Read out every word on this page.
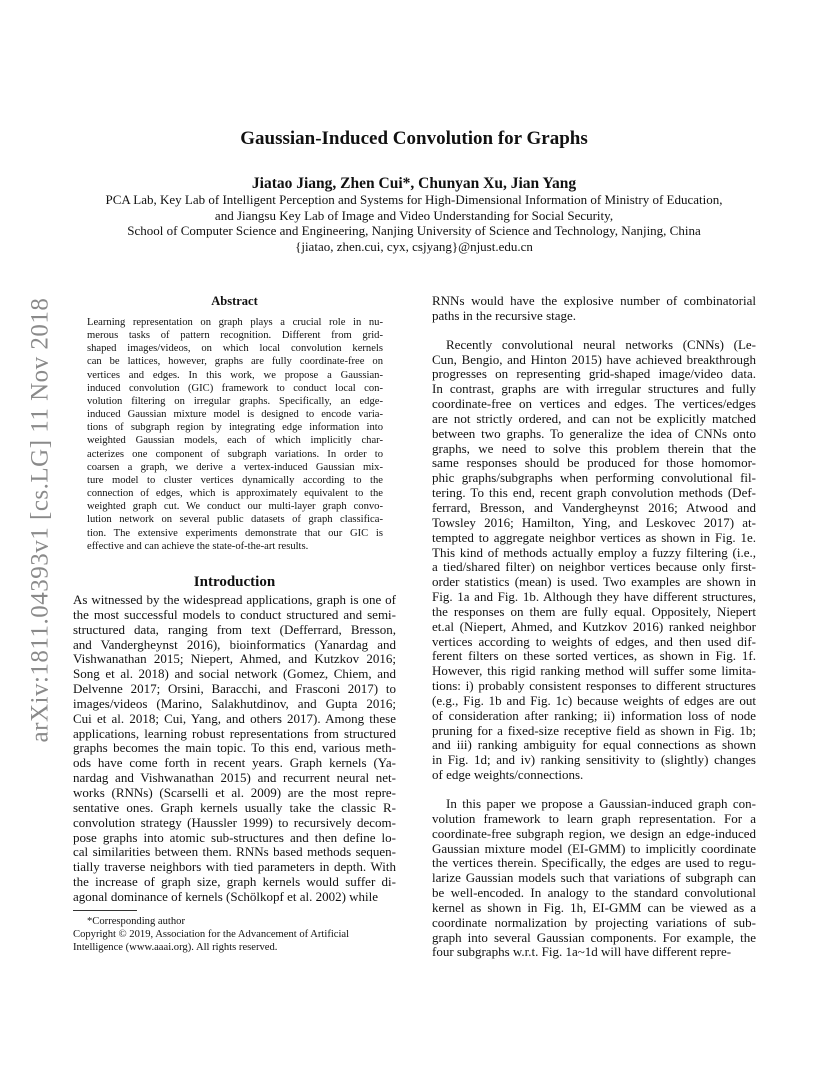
arXiv:1811.04393v1 [cs.LG] 11 Nov 2018
Gaussian-Induced Convolution for Graphs
Jiatao Jiang, Zhen Cui*, Chunyan Xu, Jian Yang
PCA Lab, Key Lab of Intelligent Perception and Systems for High-Dimensional Information of Ministry of Education,
and Jiangsu Key Lab of Image and Video Understanding for Social Security,
School of Computer Science and Engineering, Nanjing University of Science and Technology, Nanjing, China
{jiatao, zhen.cui, cyx, csjyang}@njust.edu.cn
Abstract
Learning representation on graph plays a crucial role in nu-
merous tasks of pattern recognition. Different from grid-
shaped images/videos, on which local convolution kernels
can be lattices, however, graphs are fully coordinate-free on
vertices and edges. In this work, we propose a Gaussian-
induced convolution (GIC) framework to conduct local con-
volution filtering on irregular graphs. Specifically, an edge-
induced Gaussian mixture model is designed to encode varia-
tions of subgraph region by integrating edge information into
weighted Gaussian models, each of which implicitly char-
acterizes one component of subgraph variations. In order to
coarsen a graph, we derive a vertex-induced Gaussian mix-
ture model to cluster vertices dynamically according to the
connection of edges, which is approximately equivalent to the
weighted graph cut. We conduct our multi-layer graph convo-
lution network on several public datasets of graph classifica-
tion. The extensive experiments demonstrate that our GIC is
effective and can achieve the state-of-the-art results.
Introduction
As witnessed by the widespread applications, graph is one of
the most successful models to conduct structured and semi-
structured data, ranging from text (Defferrard, Bresson,
and Vandergheynst 2016), bioinformatics (Yanardag and
Vishwanathan 2015; Niepert, Ahmed, and Kutzkov 2016;
Song et al. 2018) and social network (Gomez, Chiem, and
Delvenne 2017; Orsini, Baracchi, and Frasconi 2017) to
images/videos (Marino, Salakhutdinov, and Gupta 2016;
Cui et al. 2018; Cui, Yang, and others 2017). Among these
applications, learning robust representations from structured
graphs becomes the main topic. To this end, various meth-
ods have come forth in recent years. Graph kernels (Ya-
nardag and Vishwanathan 2015) and recurrent neural net-
works (RNNs) (Scarselli et al. 2009) are the most repre-
sentative ones. Graph kernels usually take the classic R-
convolution strategy (Haussler 1999) to recursively decom-
pose graphs into atomic sub-structures and then define lo-
cal similarities between them. RNNs based methods sequen-
tially traverse neighbors with tied parameters in depth. With
the increase of graph size, graph kernels would suffer di-
agonal dominance of kernels (Schölkopf et al. 2002) while
*Corresponding author
Copyright © 2019, Association for the Advancement of Artificial
Intelligence (www.aaai.org). All rights reserved.
RNNs would have the explosive number of combinatorial
paths in the recursive stage.
Recently convolutional neural networks (CNNs) (Le-
Cun, Bengio, and Hinton 2015) have achieved breakthrough
progresses on representing grid-shaped image/video data.
In contrast, graphs are with irregular structures and fully
coordinate-free on vertices and edges. The vertices/edges
are not strictly ordered, and can not be explicitly matched
between two graphs. To generalize the idea of CNNs onto
graphs, we need to solve this problem therein that the
same responses should be produced for those homomor-
phic graphs/subgraphs when performing convolutional fil-
tering. To this end, recent graph convolution methods (Def-
ferrard, Bresson, and Vandergheynst 2016; Atwood and
Towsley 2016; Hamilton, Ying, and Leskovec 2017) at-
tempted to aggregate neighbor vertices as shown in Fig. 1e.
This kind of methods actually employ a fuzzy filtering (i.e.,
a tied/shared filter) on neighbor vertices because only first-
order statistics (mean) is used. Two examples are shown in
Fig. 1a and Fig. 1b. Although they have different structures,
the responses on them are fully equal. Oppositely, Niepert
et.al (Niepert, Ahmed, and Kutzkov 2016) ranked neighbor
vertices according to weights of edges, and then used dif-
ferent filters on these sorted vertices, as shown in Fig. 1f.
However, this rigid ranking method will suffer some limita-
tions: i) probably consistent responses to different structures
(e.g., Fig. 1b and Fig. 1c) because weights of edges are out
of consideration after ranking; ii) information loss of node
pruning for a fixed-size receptive field as shown in Fig. 1b;
and iii) ranking ambiguity for equal connections as shown
in Fig. 1d; and iv) ranking sensitivity to (slightly) changes
of edge weights/connections.
In this paper we propose a Gaussian-induced graph con-
volution framework to learn graph representation. For a
coordinate-free subgraph region, we design an edge-induced
Gaussian mixture model (EI-GMM) to implicitly coordinate
the vertices therein. Specifically, the edges are used to regu-
larize Gaussian models such that variations of subgraph can
be well-encoded. In analogy to the standard convolutional
kernel as shown in Fig. 1h, EI-GMM can be viewed as a
coordinate normalization by projecting variations of sub-
graph into several Gaussian components. For example, the
four subgraphs w.r.t. Fig. 1a~1d will have different repre-
